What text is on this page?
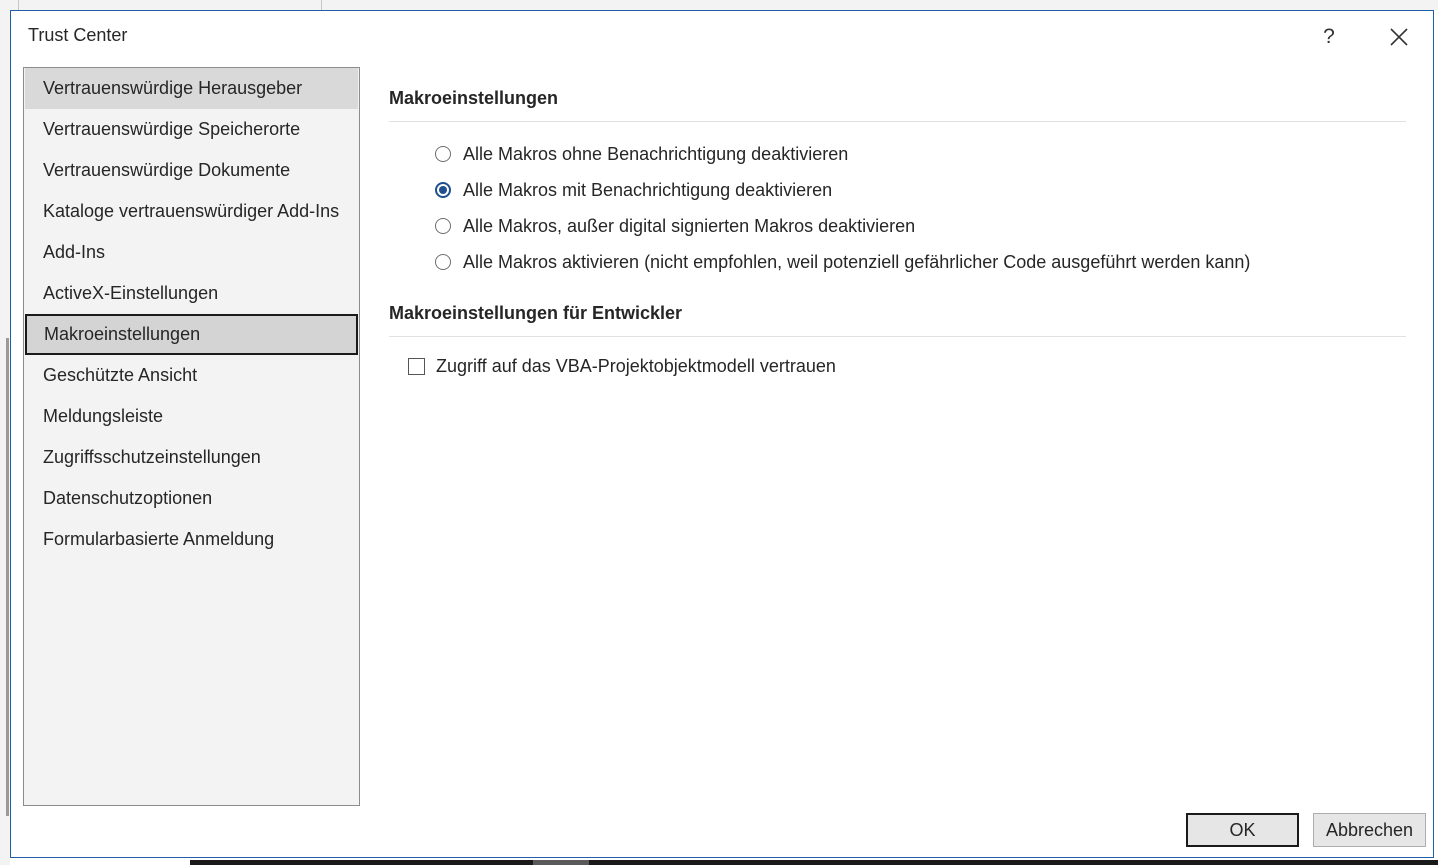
Trust Center	?
Vertrauenswürdige Herausgeber
Vertrauenswürdige Speicherorte
Vertrauenswürdige Dokumente
Kataloge vertrauenswürdiger Add-Ins
Add-Ins
ActiveX-Einstellungen
Makroeinstellungen
Geschützte Ansicht
Meldungsleiste
Zugriffsschutzeinstellungen
Datenschutzoptionen
Formularbasierte Anmeldung
Makroeinstellungen
Alle Makros ohne Benachrichtigung deaktivieren
Alle Makros mit Benachrichtigung deaktivieren
Alle Makros, außer digital signierten Makros deaktivieren
Alle Makros aktivieren (nicht empfohlen, weil potenziell gefährlicher Code ausgeführt werden kann)
Makroeinstellungen für Entwickler
Zugriff auf das VBA-Projektobjektmodell vertrauen
OK	Abbrechen
